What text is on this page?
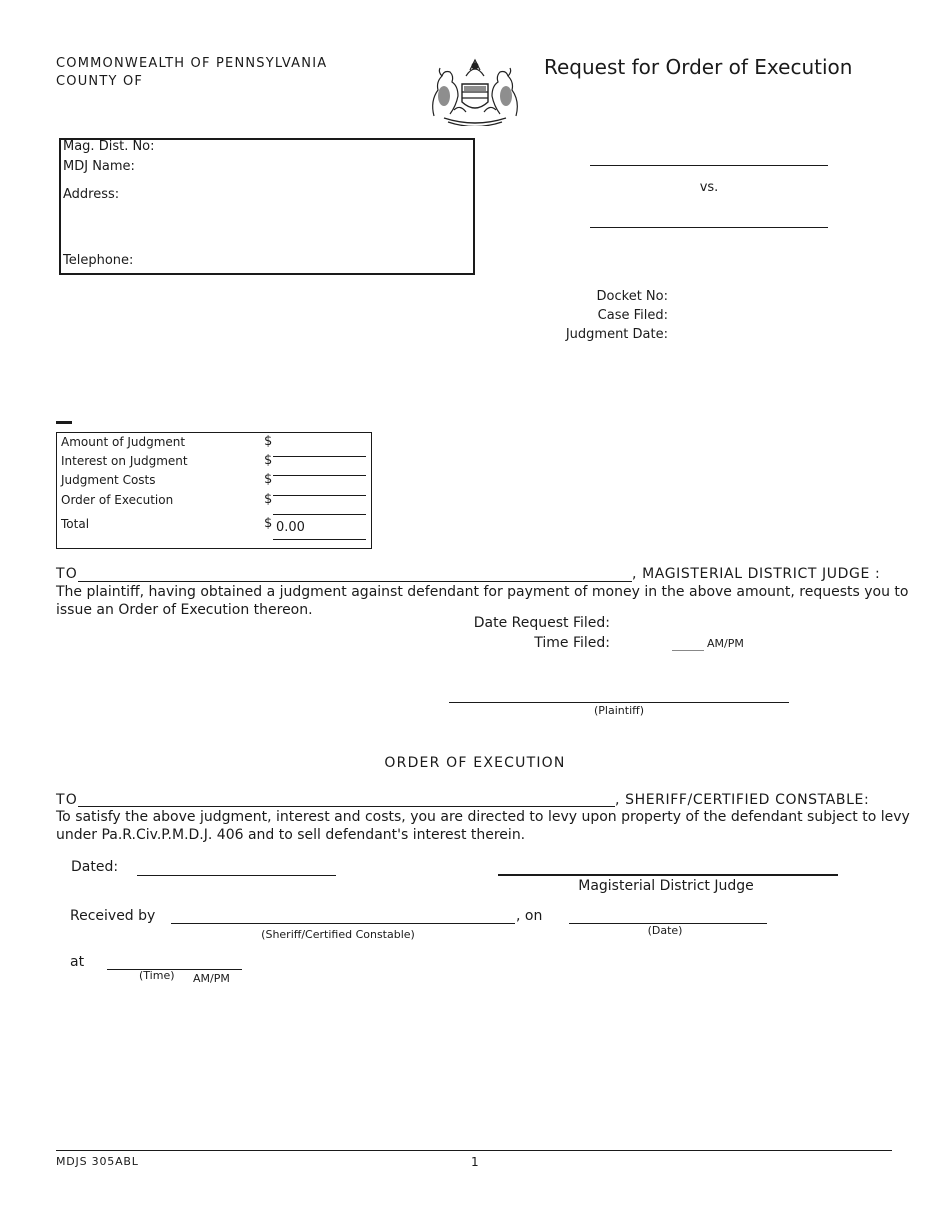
COMMONWEALTH OF PENNSYLVANIA
COUNTY OF
Request for Order of Execution
Mag. Dist. No:
MDJ Name:
Address:
Telephone:
vs.
Docket No:
Case Filed:
Judgment Date:
Amount of Judgment	$
Interest on Judgment	$
Judgment Costs	$
Order of Execution	$
Total	$ 0.00
TO	, MAGISTERIAL DISTRICT JUDGE :
The plaintiff, having obtained a judgment against defendant for payment of money in the above amount, requests you to
issue an Order of Execution thereon.
Date Request Filed:
Time Filed:	AM/PM
(Plaintiff)
ORDER OF EXECUTION
TO	, SHERIFF/CERTIFIED CONSTABLE:
To satisfy the above judgment, interest and costs, you are directed to levy upon property of the defendant subject to levy
under Pa.R.Civ.P.M.D.J. 406 and to sell defendant's interest therein.
Dated:
Magisterial District Judge
Received by
(Sheriff/Certified Constable)
, on
(Date)
at
(Time) AM/PM
MDJS 305ABL	1
